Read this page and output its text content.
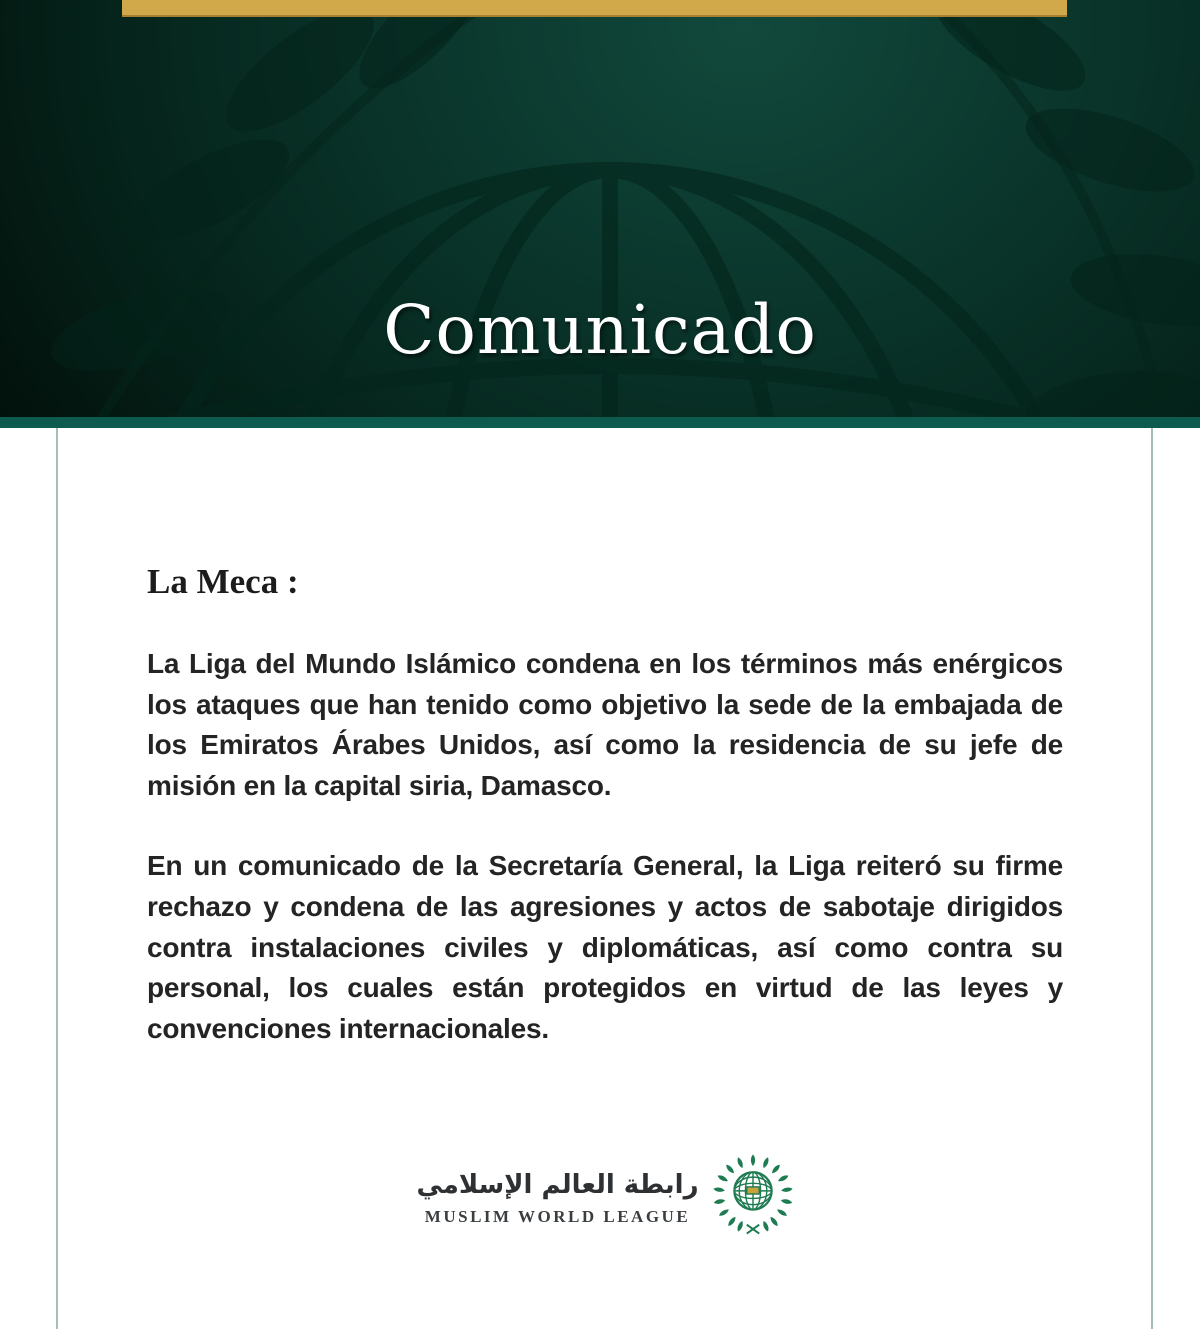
Comunicado
La Meca :

La Liga del Mundo Islámico condena en los términos más enérgicos los ataques que han tenido como objetivo la sede de la embajada de los Emiratos Árabes Unidos, así como la residencia de su jefe de misión en la capital siria, Damasco.

En un comunicado de la Secretaría General, la Liga reiteró su firme rechazo y condena de las agresiones y actos de sabotaje dirigidos contra instalaciones civiles y diplomáticas, así como contra su personal, los cuales están protegidos en virtud de las leyes y convenciones internacionales.

رابطة العالم الإسلامي
MUSLIM WORLD LEAGUE
